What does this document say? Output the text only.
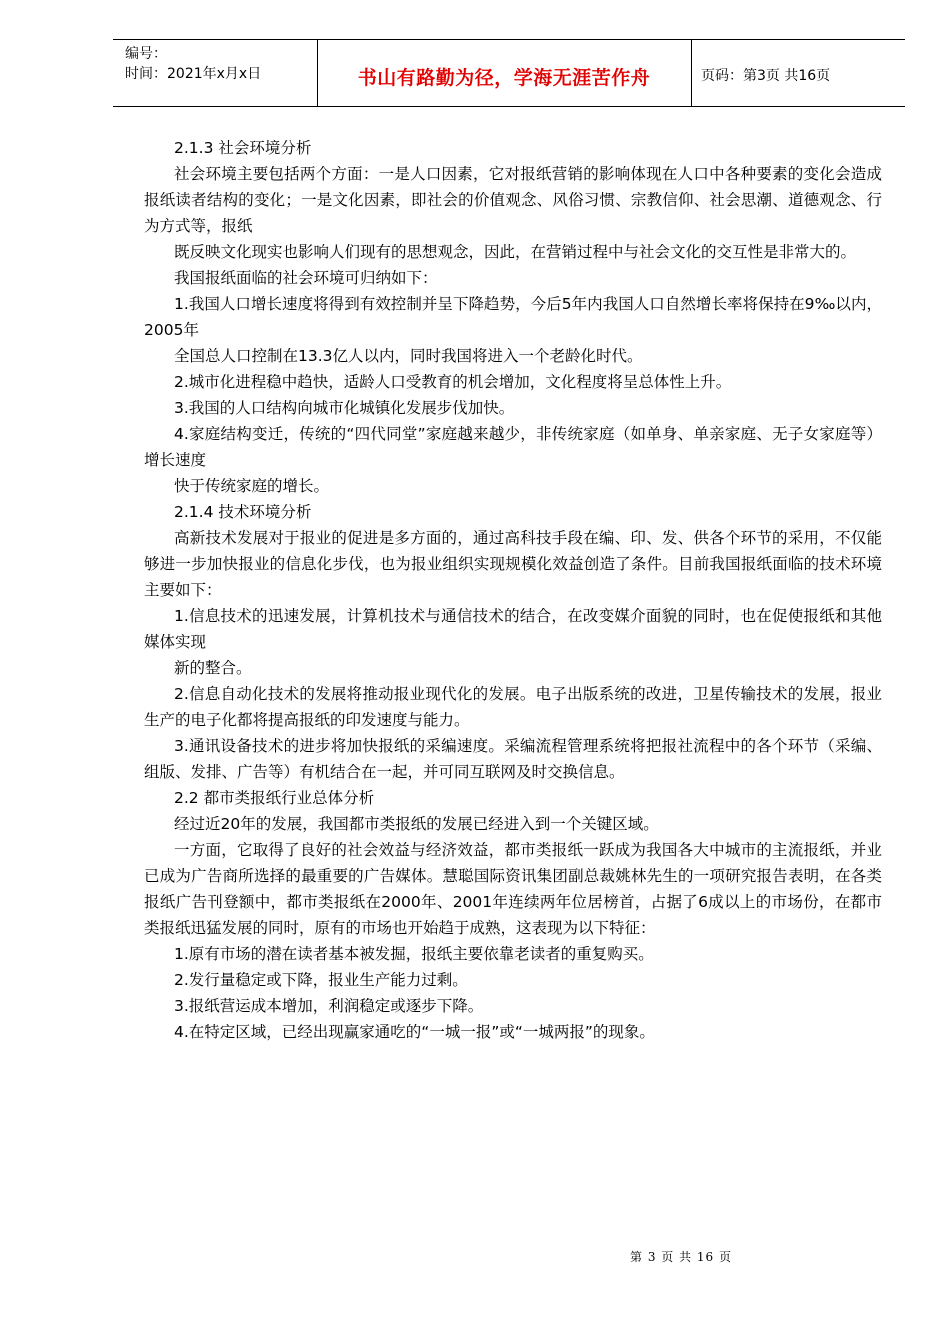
编号：
时间：2021年x月x日	书山有路勤为径，学海无涯苦作舟	页码：第3页 共16页

2.1.3 社会环境分析

社会环境主要包括两个方面：一是人口因素，它对报纸营销的影响体现在人口中各种要素的变化会造成报纸读者结构的变化；一是文化因素，即社会的价值观念、风俗习惯、宗教信仰、社会思潮、道德观念、行为方式等，报纸

既反映文化现实也影响人们现有的思想观念，因此，在营销过程中与社会文化的交互性是非常大的。

我国报纸面临的社会环境可归纳如下：

1.我国人口增长速度将得到有效控制并呈下降趋势，今后5年内我国人口自然增长率将保持在9‰以内，2005年

全国总人口控制在13.3亿人以内，同时我国将进入一个老龄化时代。

2.城市化进程稳中趋快，适龄人口受教育的机会增加，文化程度将呈总体性上升。

3.我国的人口结构向城市化城镇化发展步伐加快。

4.家庭结构变迁，传统的“四代同堂”家庭越来越少，非传统家庭（如单身、单亲家庭、无子女家庭等）增长速度

快于传统家庭的增长。

2.1.4 技术环境分析

高新技术发展对于报业的促进是多方面的，通过高科技手段在编、印、发、供各个环节的采用，不仅能够进一步加快报业的信息化步伐，也为报业组织实现规模化效益创造了条件。目前我国报纸面临的技术环境主要如下：

1.信息技术的迅速发展，计算机技术与通信技术的结合，在改变媒介面貌的同时，也在促使报纸和其他媒体实现

新的整合。

2.信息自动化技术的发展将推动报业现代化的发展。电子出版系统的改进，卫星传输技术的发展，报业生产的电子化都将提高报纸的印发速度与能力。

3.通讯设备技术的进步将加快报纸的采编速度。采编流程管理系统将把报社流程中的各个环节（采编、组版、发排、广告等）有机结合在一起，并可同互联网及时交换信息。

2.2 都市类报纸行业总体分析

经过近20年的发展，我国都市类报纸的发展已经进入到一个关键区域。

一方面，它取得了良好的社会效益与经济效益，都市类报纸一跃成为我国各大中城市的主流报纸，并业已成为广告商所选择的最重要的广告媒体。慧聪国际资讯集团副总裁姚林先生的一项研究报告表明，在各类报纸广告刊登额中，都市类报纸在2000年、2001年连续两年位居榜首，占据了6成以上的市场份，在都市类报纸迅猛发展的同时，原有的市场也开始趋于成熟，这表现为以下特征：

1.原有市场的潜在读者基本被发掘，报纸主要依靠老读者的重复购买。

2.发行量稳定或下降，报业生产能力过剩。

3.报纸营运成本增加，利润稳定或逐步下降。

4.在特定区域，已经出现赢家通吃的“一城一报”或“一城两报”的现象。

第 3 页 共 16 页
